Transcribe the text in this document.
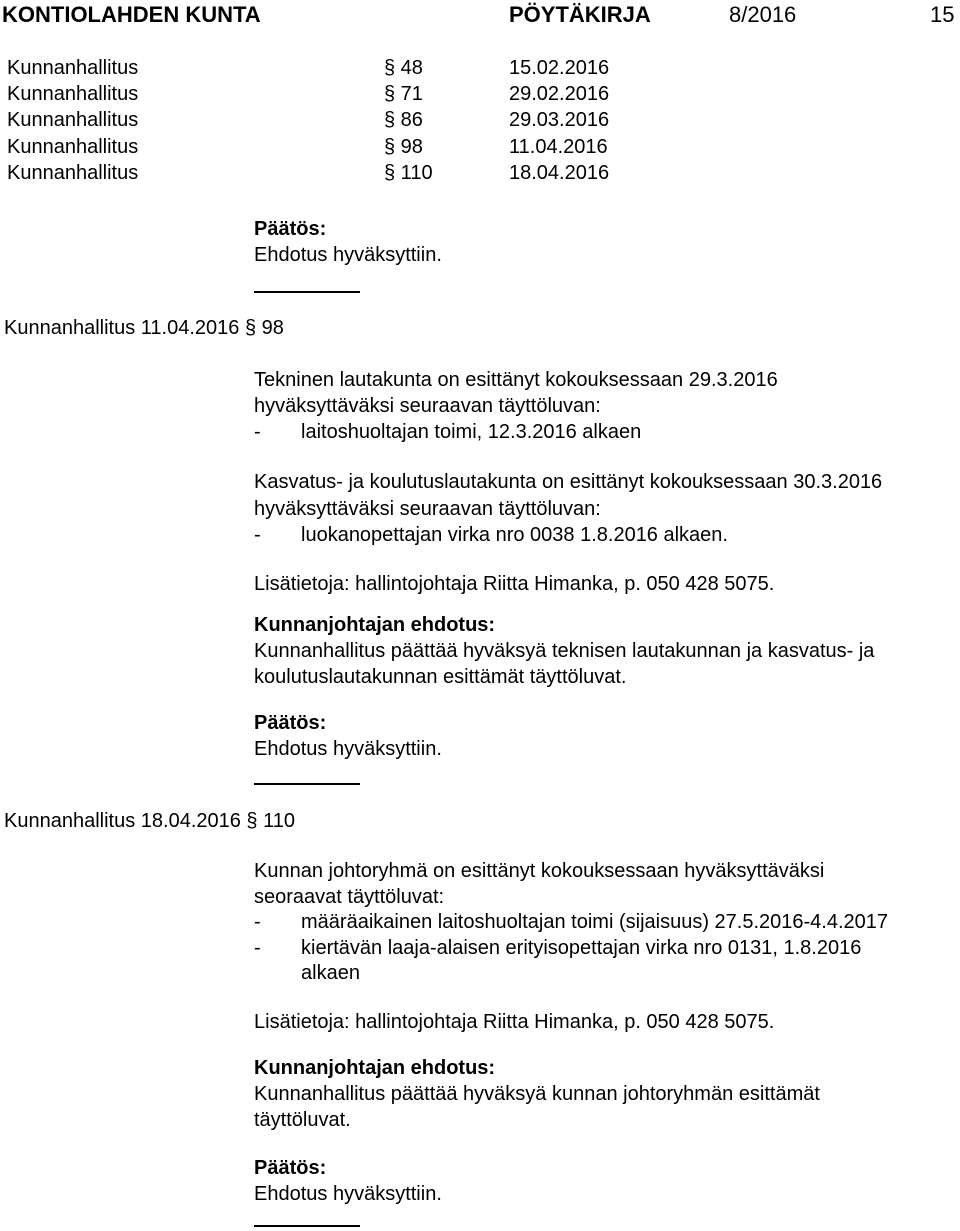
KONTIOLAHDEN KUNTA	PÖYTÄKIRJA	8/2016	15
Kunnanhallitus	§ 48	15.02.2016
Kunnanhallitus	§ 71	29.02.2016
Kunnanhallitus	§ 86	29.03.2016
Kunnanhallitus	§ 98	11.04.2016
Kunnanhallitus	§ 110	18.04.2016
Päätös:
Ehdotus hyväksyttiin.
Kunnanhallitus 11.04.2016 § 98
Tekninen lautakunta on esittänyt kokouksessaan 29.3.2016
hyväksyttäväksi seuraavan täyttöluvan:
- laitoshuoltajan toimi, 12.3.2016 alkaen
Kasvatus- ja koulutuslautakunta on esittänyt kokouksessaan 30.3.2016
hyväksyttäväksi seuraavan täyttöluvan:
- luokanopettajan virka nro 0038 1.8.2016 alkaen.
Lisätietoja: hallintojohtaja Riitta Himanka, p. 050 428 5075.
Kunnanjohtajan ehdotus:
Kunnanhallitus päättää hyväksyä teknisen lautakunnan ja kasvatus- ja
koulutuslautakunnan esittämät täyttöluvat.
Päätös:
Ehdotus hyväksyttiin.
Kunnanhallitus 18.04.2016 § 110
Kunnan johtoryhmä on esittänyt kokouksessaan hyväksyttäväksi
seoraavat täyttöluvat:
- määräaikainen laitoshuoltajan toimi (sijaisuus) 27.5.2016-4.4.2017
- kiertävän laaja-alaisen erityisopettajan virka nro 0131, 1.8.2016
alkaen
Lisätietoja: hallintojohtaja Riitta Himanka, p. 050 428 5075.
Kunnanjohtajan ehdotus:
Kunnanhallitus päättää hyväksyä kunnan johtoryhmän esittämät
täyttöluvat.
Päätös:
Ehdotus hyväksyttiin.
